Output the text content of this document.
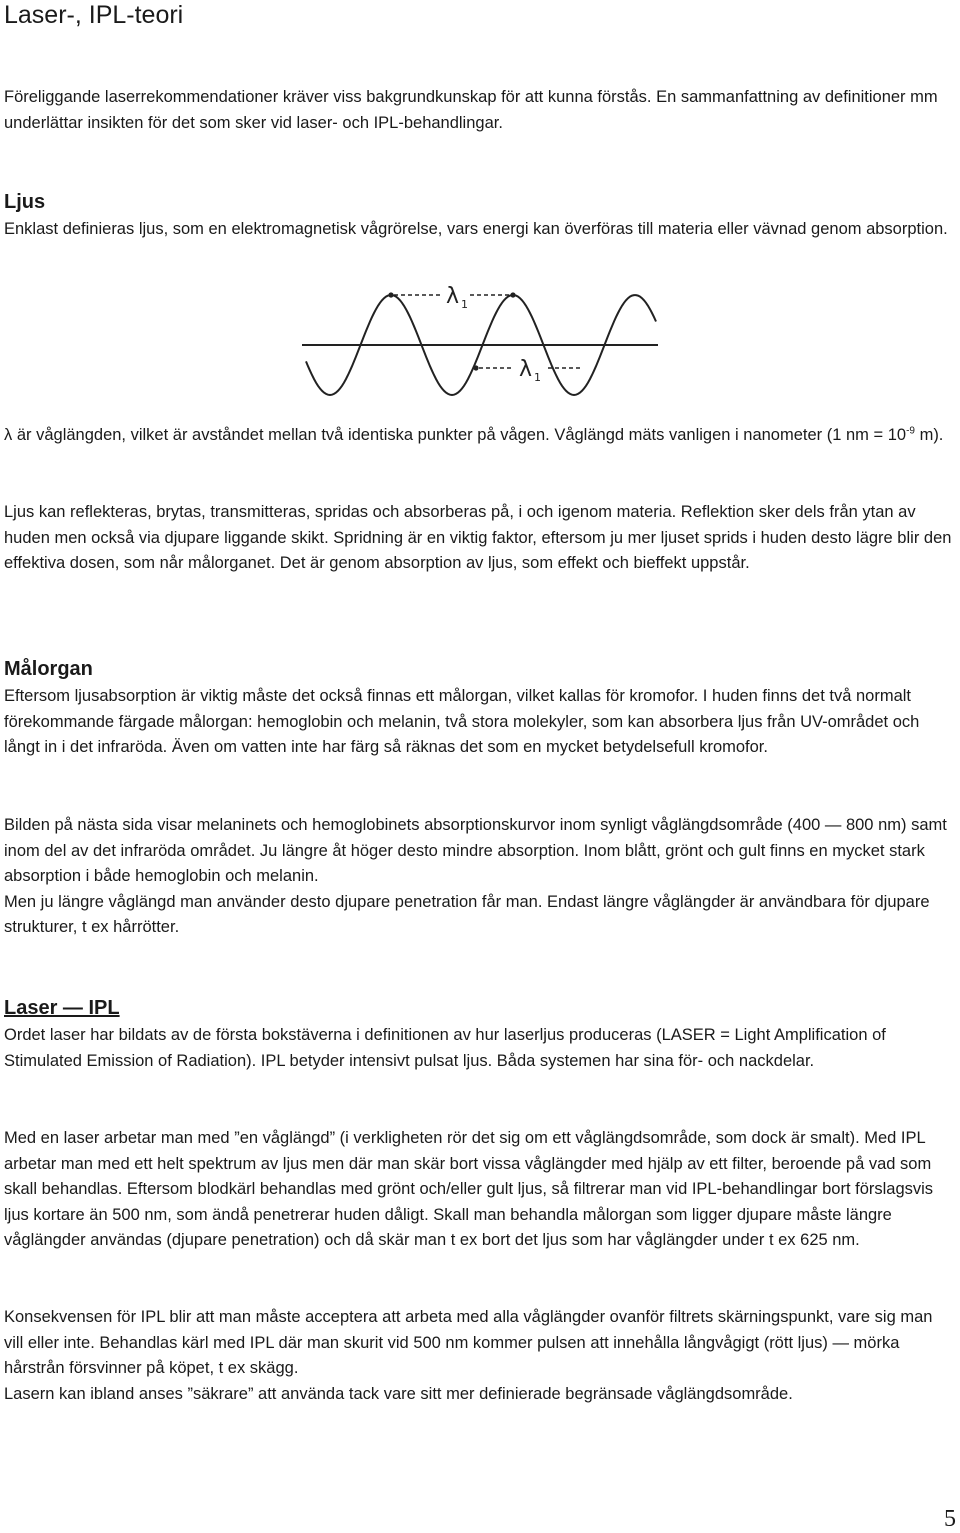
Laser-, IPL-teori

Föreliggande laserrekommendationer kräver viss bakgrundkunskap för att kunna förstås. En sammanfattning av definitioner mm underlättar insikten för det som sker vid laser- och IPL-behandlingar.

Ljus

Enklast definieras ljus, som en elektromagnetisk vågrörelse, vars energi kan överföras till materia eller vävnad genom absorption.

λ 1
λ 1

λ är våglängden, vilket är avståndet mellan två identiska punkter på vågen. Våglängd mäts vanligen i nanometer (1 nm = $10^{-9}$ m).

Ljus kan reflekteras, brytas, transmitteras, spridas och absorberas på, i och igenom materia. Reflektion sker dels från ytan av huden men också via djupare liggande skikt. Spridning är en viktig faktor, eftersom ju mer ljuset sprids i huden desto lägre blir den effektiva dosen, som når målorganet. Det är genom absorption av ljus, som effekt och bieffekt uppstår.

Målorgan

Eftersom ljusabsorption är viktig måste det också finnas ett målorgan, vilket kallas för kromofor. I huden finns det två normalt förekommande färgade målorgan: hemoglobin och melanin, två stora molekyler, som kan absorbera ljus från UV-området och långt in i det infraröda. Även om vatten inte har färg så räknas det som en mycket betydelsefull kromofor.

Bilden på nästa sida visar melaninets och hemoglobinets absorptionskurvor inom synligt våglängdsområde (400 — 800 nm) samt inom del av det infraröda området. Ju längre åt höger desto mindre absorption. Inom blått, grönt och gult finns en mycket stark absorption i både hemoglobin och melanin.
Men ju längre våglängd man använder desto djupare penetration får man. Endast längre våglängder är användbara för djupare strukturer, t ex hårrötter.

Laser — IPL

Ordet laser har bildats av de första bokstäverna i definitionen av hur laserljus produceras (LASER = Light Amplification of Stimulated Emission of Radiation). IPL betyder intensivt pulsat ljus. Båda systemen har sina för- och nackdelar.

Med en laser arbetar man med ”en våglängd” (i verkligheten rör det sig om ett våglängdsområde, som dock är smalt). Med IPL arbetar man med ett helt spektrum av ljus men där man skär bort vissa våglängder med hjälp av ett filter, beroende på vad som skall behandlas. Eftersom blodkärl behandlas med grönt och/eller gult ljus, så filtrerar man vid IPL-behandlingar bort förslagsvis ljus kortare än 500 nm, som ändå penetrerar huden dåligt. Skall man behandla målorgan som ligger djupare måste längre våglängder användas (djupare penetration) och då skär man t ex bort det ljus som har våglängder under t ex 625 nm.

Konsekvensen för IPL blir att man måste acceptera att arbeta med alla våglängder ovanför filtrets skärningspunkt, vare sig man vill eller inte. Behandlas kärl med IPL där man skurit vid 500 nm kommer pulsen att innehålla långvågigt (rött ljus) — mörka hårstrån försvinner på köpet, t ex skägg.
Lasern kan ibland anses ”säkrare” att använda tack vare sitt mer definierade begränsade våglängdsområde.

5
